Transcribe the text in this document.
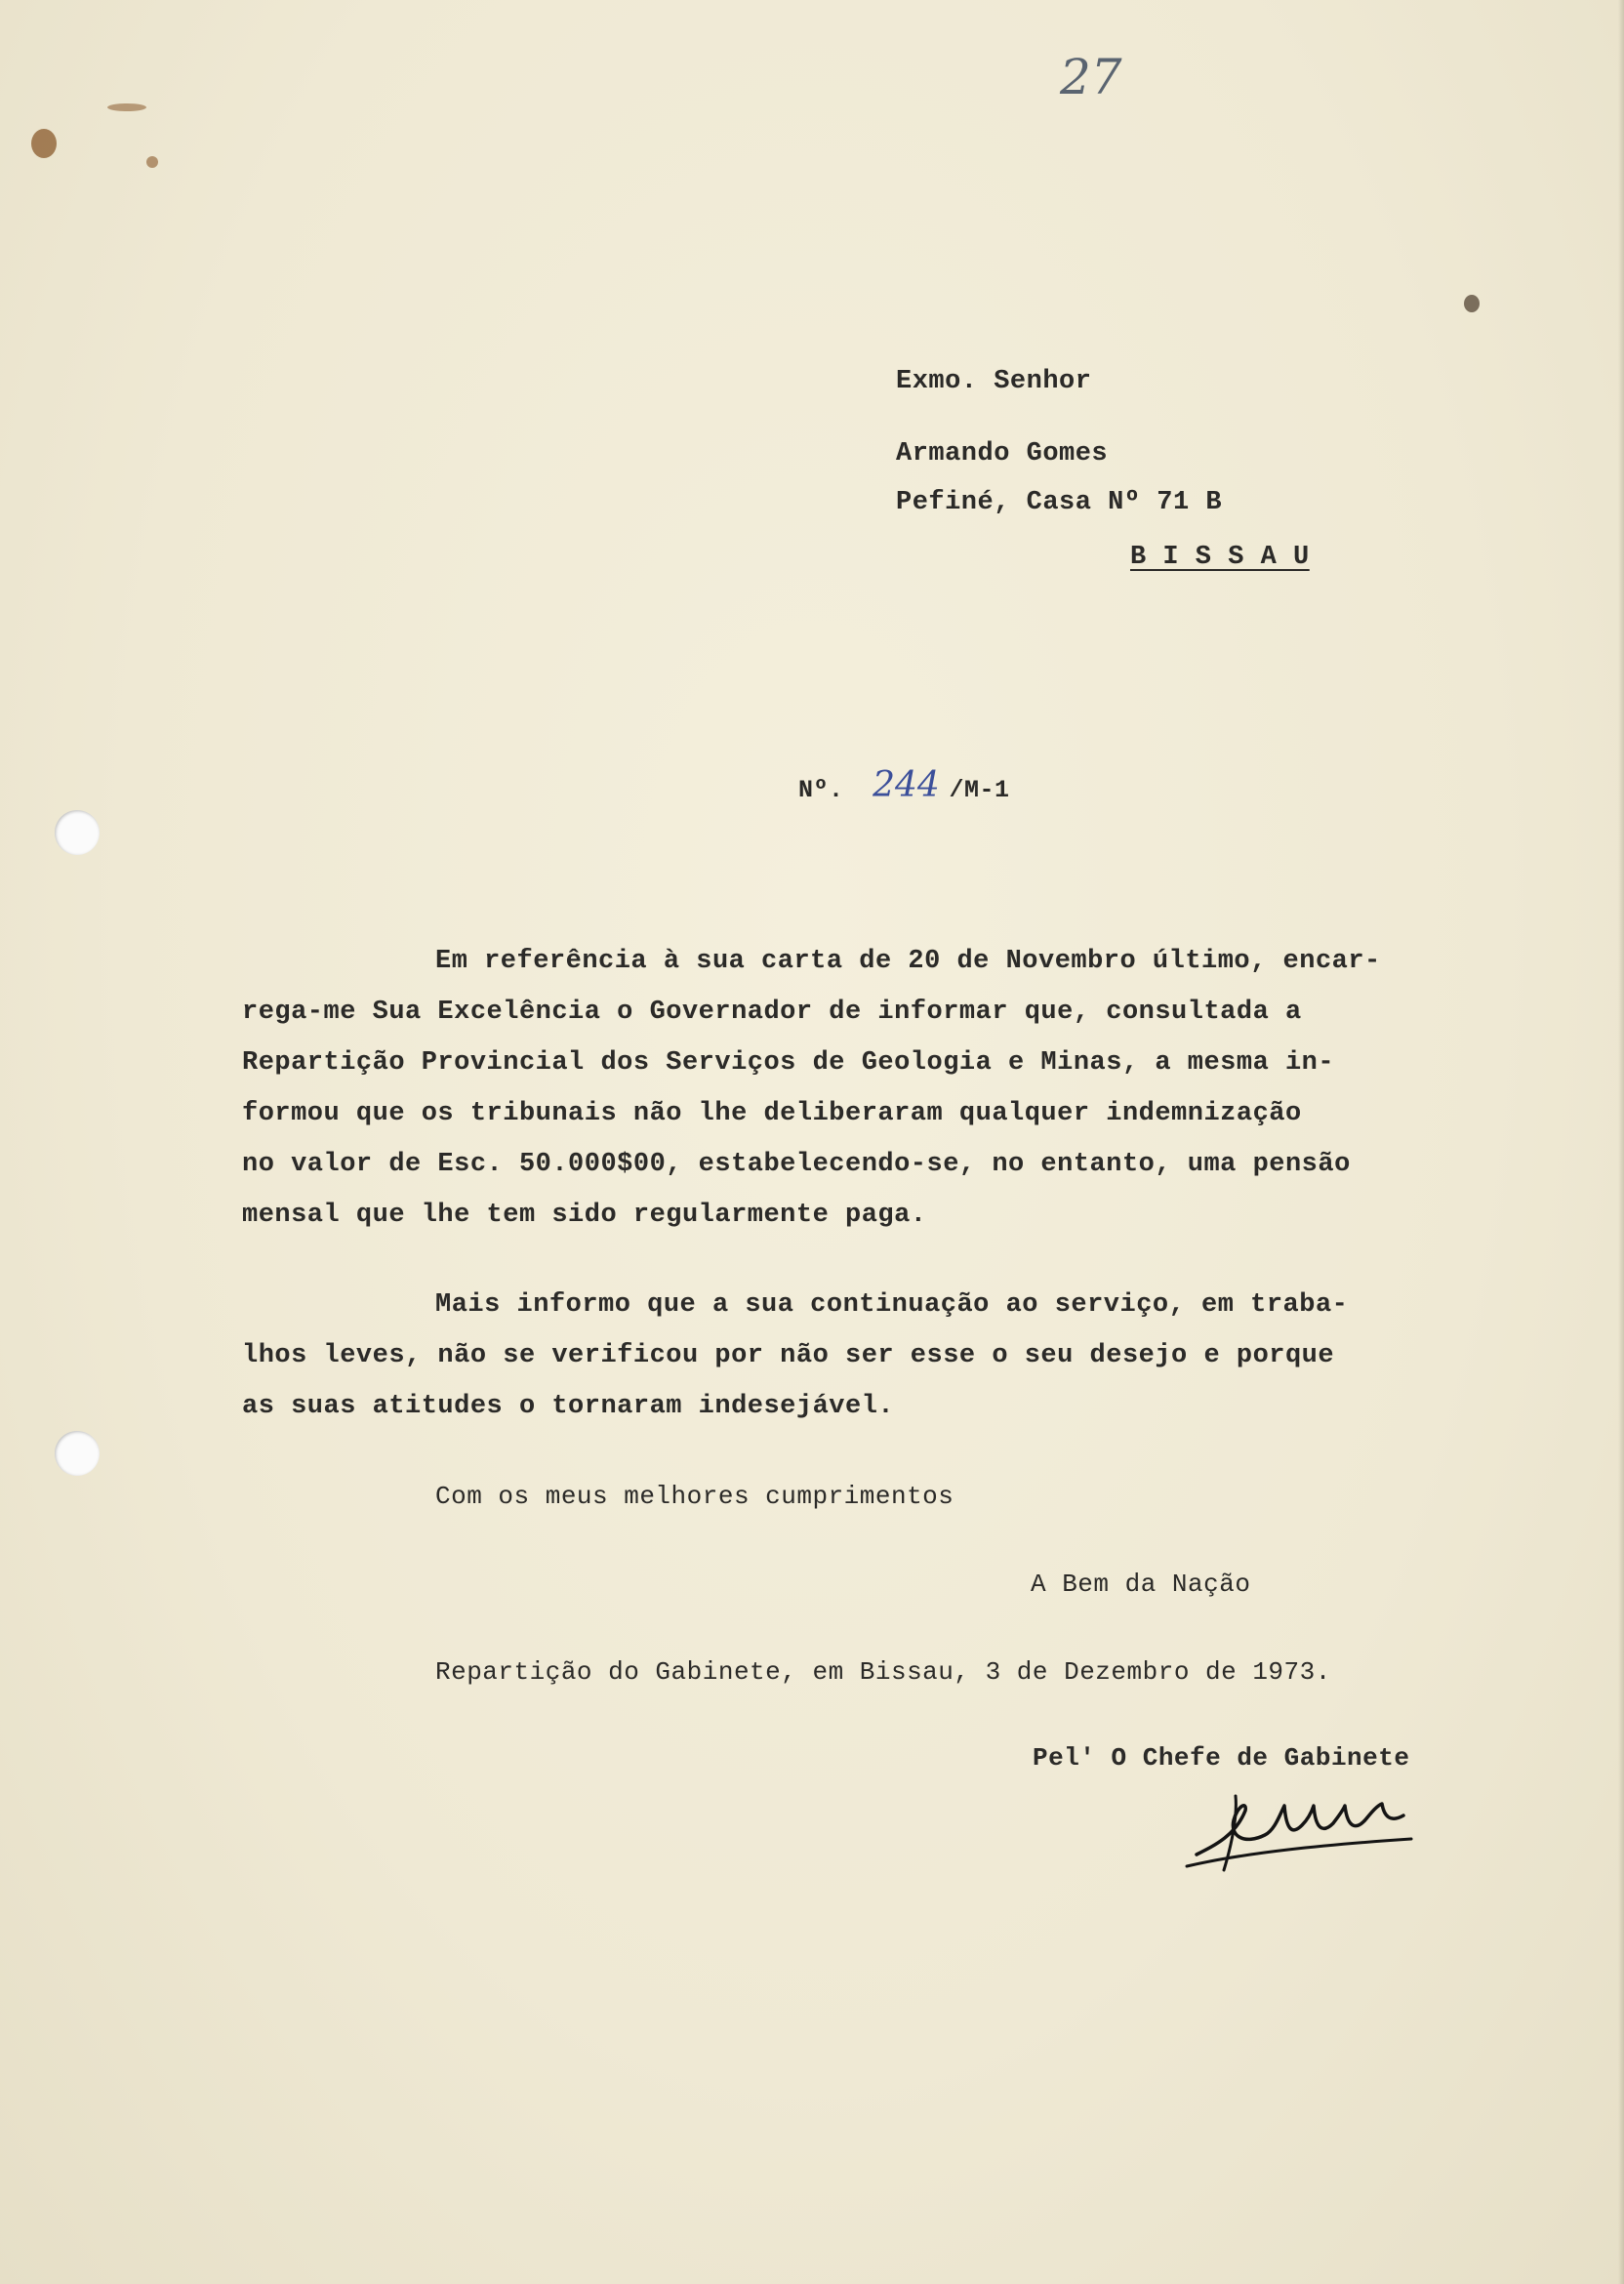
27
Exmo. Senhor
Armando Gomes
Pefiné, Casa Nº 71 B
B I S S A U
Nº. 244 /M-1
Em referência à sua carta de 20 de Novembro último, encar-
rega-me Sua Excelência o Governador de informar que, consultada a
Repartição Provincial dos Serviços de Geologia e Minas, a mesma in-
formou que os tribunais não lhe deliberaram qualquer indemnização
no valor de Esc. 50.000$00, estabelecendo-se, no entanto, uma pensão
mensal que lhe tem sido regularmente paga.
Mais informo que a sua continuação ao serviço, em traba-
lhos leves, não se verificou por não ser esse o seu desejo e porque
as suas atitudes o tornaram indesejável.
Com os meus melhores cumprimentos
A Bem da Nação
Repartição do Gabinete, em Bissau, 3 de Dezembro de 1973.
Pel' O Chefe de Gabinete
